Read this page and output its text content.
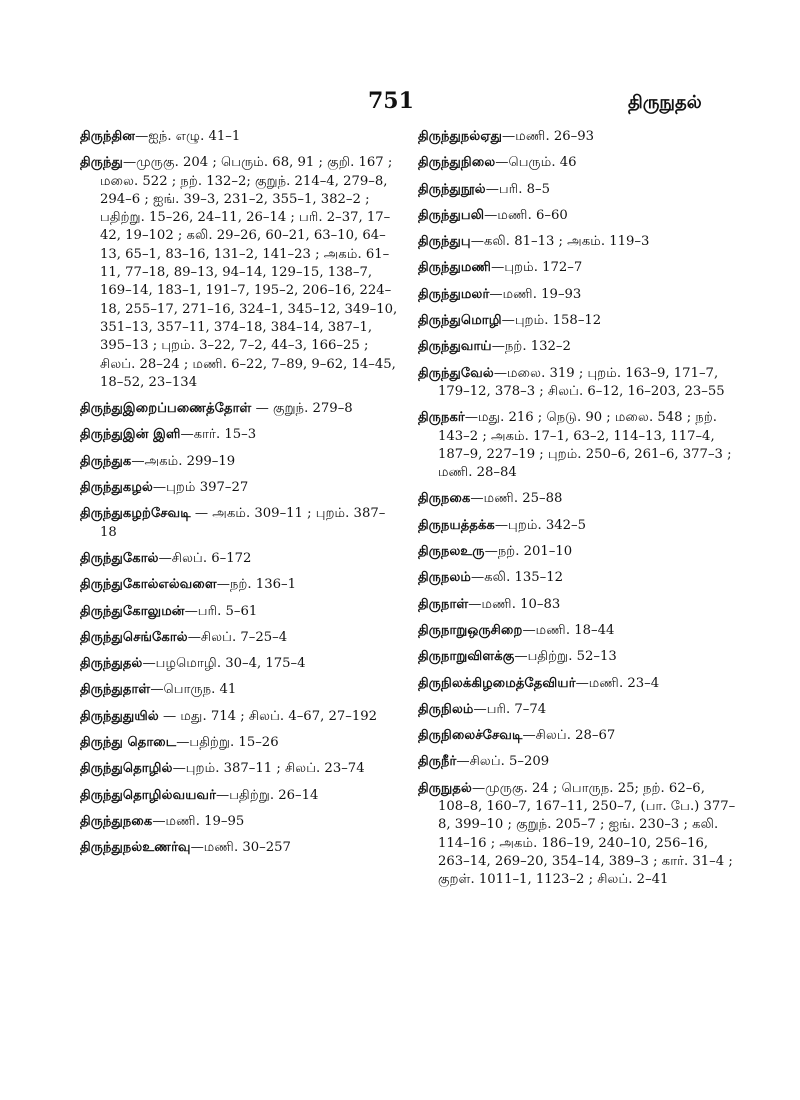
751	திருநுதல்
திருந்தின—ஐந். எழு. 41–1
திருந்து—முருகு. 204 ; பெரும். 68, 91 ; குறி. 167 ; மலை. 522 ; நற். 132–2; குறுந். 214–4, 279–8, 294–6 ; ஐங். 39–3, 231–2, 355–1, 382–2 ; பதிற்று. 15–26, 24–11, 26–14 ; பரி. 2–37, 17–42, 19–102 ; கலி. 29–26, 60–21, 63–10, 64–13, 65–1, 83–16, 131–2, 141–23 ; அகம். 61–11, 77–18, 89–13, 94–14, 129–15, 138–7, 169–14, 183–1, 191–7, 195–2, 206–16, 224–18, 255–17, 271–16, 324–1, 345–12, 349–10, 351–13, 357–11, 374–18, 384–14, 387–1, 395–13 ; புறம். 3–22, 7–2, 44–3, 166–25 ; சிலப். 28–24 ; மணி. 6–22, 7–89, 9–62, 14–45, 18–52, 23–134
திருந்துஇறைப்பணைத்தோள் — குறுந். 279–8
திருந்துஇன் இளி—கார். 15–3
திருந்துக—அகம். 299–19
திருந்துகழல்—புறம் 397–27
திருந்துகழற்சேவடி — அகம். 309–11 ; புறம். 387–18
திருந்துகோல்—சிலப். 6–172
திருந்துகோல்எல்வளை—நற். 136–1
திருந்துகோலுமன்—பரி. 5–61
திருந்துசெங்கோல்—சிலப். 7–25–4
திருந்துதல்—பழமொழி. 30–4, 175–4
திருந்துதாள்—பொருந. 41
திருந்துதுயில் — மது. 714 ; சிலப். 4–67, 27–192
திருந்து தொடை—பதிற்று. 15–26
திருந்துதொழில்—புறம். 387–11 ; சிலப். 23–74
திருந்துதொழில்வயவர்—பதிற்று. 26–14
திருந்துநகை—மணி. 19–95
திருந்துநல்உணர்வு—மணி. 30–257
திருந்துநல்ஏது—மணி. 26–93
திருந்துநிலை—பெரும். 46
திருந்துநூல்—பரி. 8–5
திருந்துபலி—மணி. 6–60
திருந்துபு—கலி. 81–13 ; அகம். 119–3
திருந்துமணி—புறம். 172–7
திருந்துமலர்—மணி. 19–93
திருந்துமொழி—புறம். 158–12
திருந்துவாய்—நற். 132–2
திருந்துவேல்—மலை. 319 ; புறம். 163–9, 171–7, 179–12, 378–3 ; சிலப். 6–12, 16–203, 23–55
திருநகர்—மது. 216 ; நெடு. 90 ; மலை. 548 ; நற். 143–2 ; அகம். 17–1, 63–2, 114–13, 117–4, 187–9, 227–19 ; புறம். 250–6, 261–6, 377–3 ; மணி. 28–84
திருநகை—மணி. 25–88
திருநயத்தக்க—புறம். 342–5
திருநலஉரு—நற். 201–10
திருநலம்—கலி. 135–12
திருநாள்—மணி. 10–83
திருநாறுஒருசிறை—மணி. 18–44
திருநாறுவிளக்கு—பதிற்று. 52–13
திருநிலக்கிழமைத்தேவியர்—மணி. 23–4
திருநிலம்—பரி. 7–74
திருநிலைச்சேவடி—சிலப். 28–67
திருநீர்—சிலப். 5–209
திருநுதல்—முருகு. 24 ; பொருந. 25; நற். 62–6, 108–8, 160–7, 167–11, 250–7, (பா. பே.) 377–8, 399–10 ; குறுந். 205–7 ; ஐங். 230–3 ; கலி. 114–16 ; அகம். 186–19, 240–10, 256–16, 263–14, 269–20, 354–14, 389–3 ; கார். 31–4 ; குறள். 1011–1, 1123–2 ; சிலப். 2–41
